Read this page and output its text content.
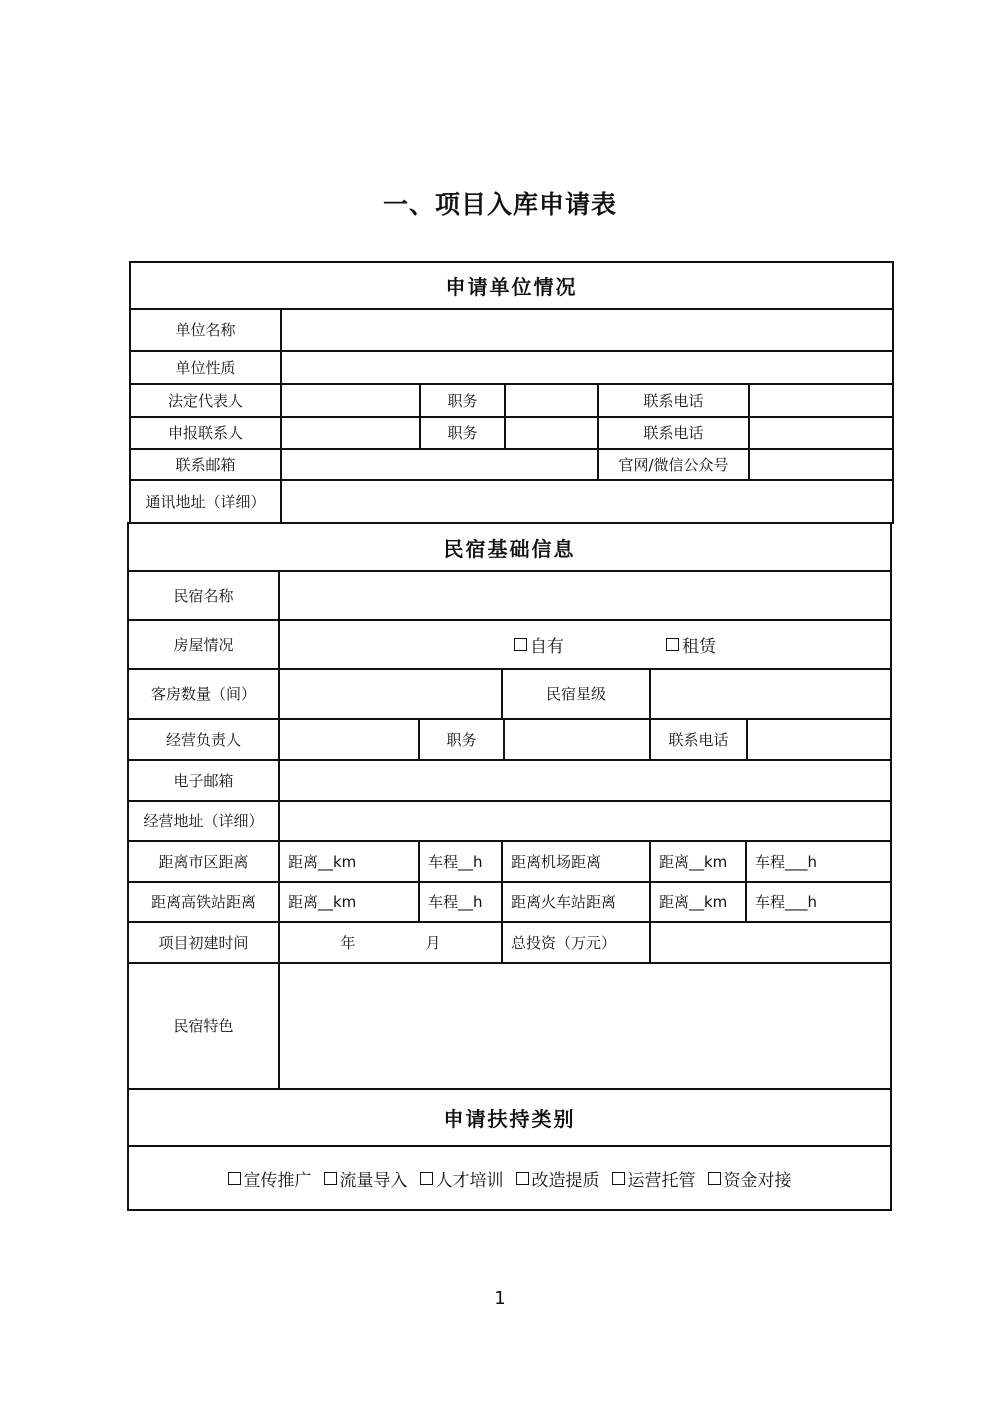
一、项目入库申请表
申请单位情况
单位名称
单位性质
法定代表人	职务	联系电话
申报联系人	职务	联系电话
联系邮箱	官网/微信公众号
通讯地址（详细）
民宿基础信息
民宿名称
房屋情况	自有	租赁
客房数量（间）	民宿星级
经营负责人	职务	联系电话
电子邮箱
经营地址（详细）
距离市区距离	距离__km	车程__h	距离机场距离	距离__km	车程___h
距离高铁站距离	距离__km	车程__h	距离火车站距离	距离__km	车程___h
项目初建时间	年	月	总投资（万元）
民宿特色
申请扶持类别
宣传推广 流量导入 人才培训 改造提质 运营托管 资金对接
1
